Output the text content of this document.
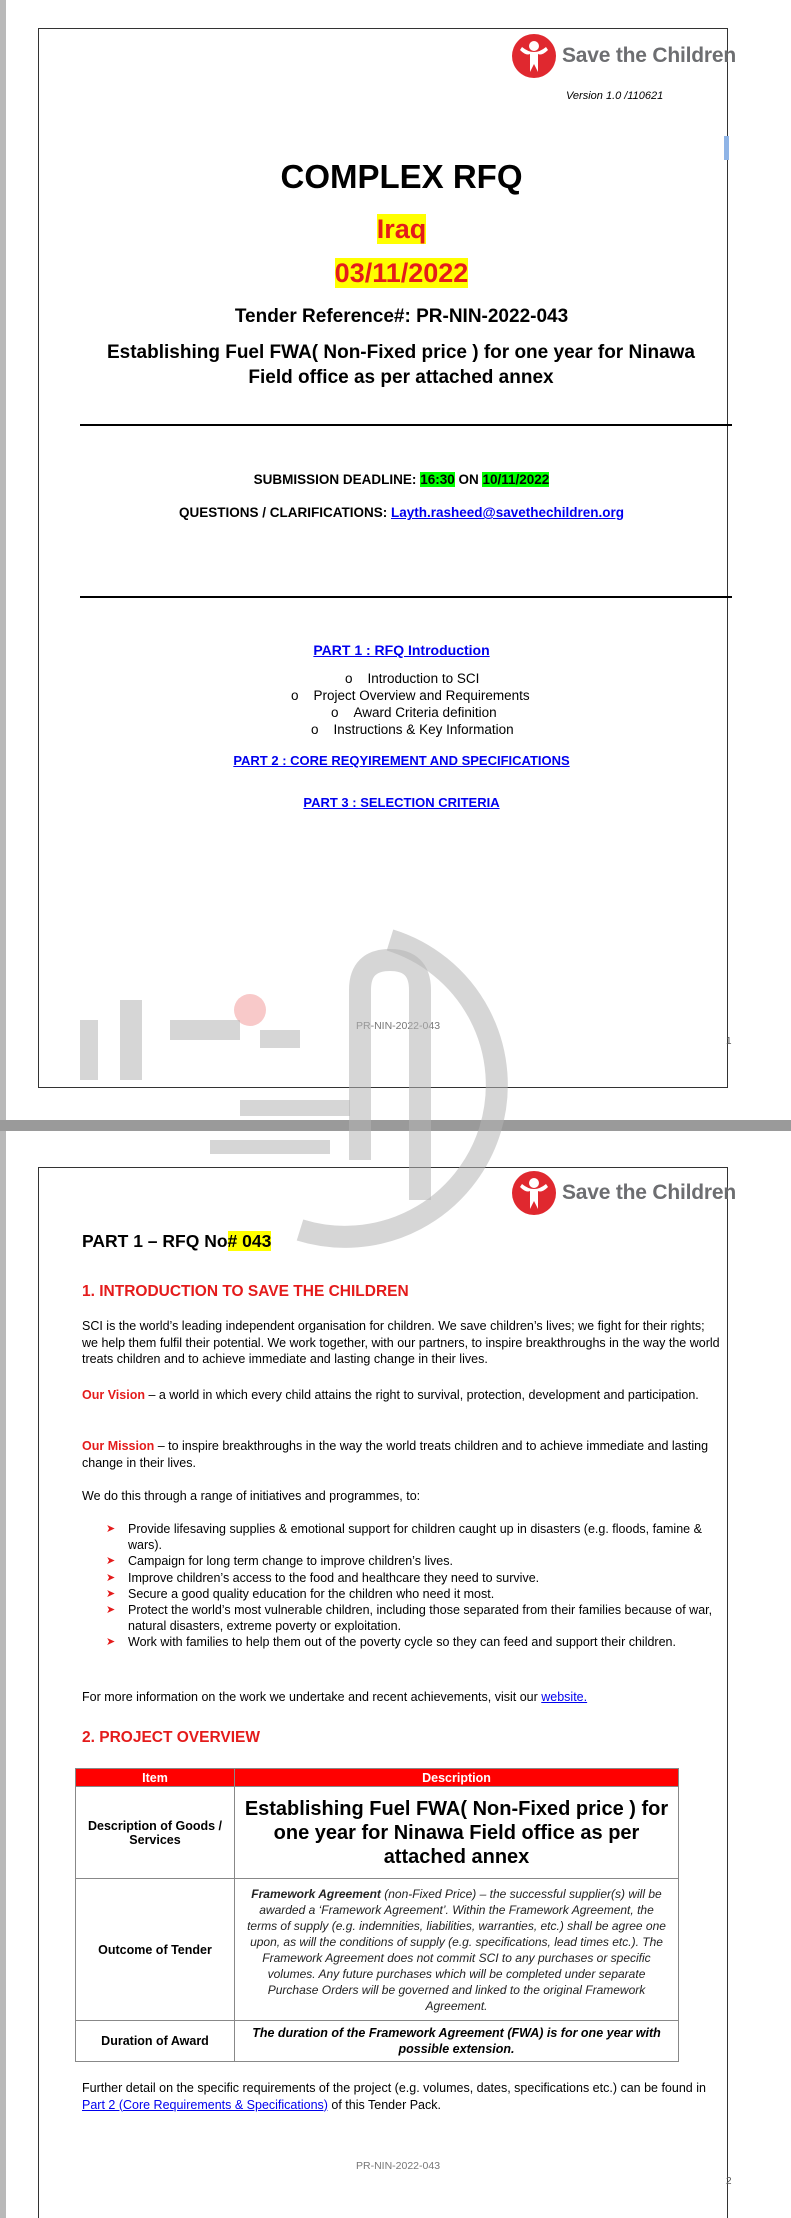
Save the Children
Version 1.0 /110621
COMPLEX RFQ
Iraq
03/11/2022
Tender Reference#: PR-NIN-2022-043
Establishing Fuel FWA( Non-Fixed price ) for one year for Ninawa Field office as per attached annex
SUBMISSION DEADLINE: 16:30 ON 10/11/2022
QUESTIONS / CLARIFICATIONS: Layth.rasheed@savethechildren.org
PART 1 : RFQ Introduction
o Introduction to SCI
o Project Overview and Requirements
o Award Criteria definition
o Instructions & Key Information
PART 2 : CORE REQYIREMENT AND SPECIFICATIONS
PART 3 : SELECTION CRITERIA
PR-NIN-2022-043
1
Save the Children
PART 1 – RFQ No# 043
1. INTRODUCTION TO SAVE THE CHILDREN
SCI is the world’s leading independent organisation for children. We save children’s lives; we fight for their rights; we help them fulfil their potential. We work together, with our partners, to inspire breakthroughs in the way the world treats children and to achieve immediate and lasting change in their lives.
Our Vision – a world in which every child attains the right to survival, protection, development and participation.
Our Mission – to inspire breakthroughs in the way the world treats children and to achieve immediate and lasting change in their lives.
We do this through a range of initiatives and programmes, to:
➤ Provide lifesaving supplies & emotional support for children caught up in disasters (e.g. floods, famine & wars).
➤ Campaign for long term change to improve children’s lives.
➤ Improve children’s access to the food and healthcare they need to survive.
➤ Secure a good quality education for the children who need it most.
➤ Protect the world’s most vulnerable children, including those separated from their families because of war, natural disasters, extreme poverty or exploitation.
➤ Work with families to help them out of the poverty cycle so they can feed and support their children.
For more information on the work we undertake and recent achievements, visit our website.
2. PROJECT OVERVIEW
Item	Description
Description of Goods / Services	Establishing Fuel FWA( Non-Fixed price ) for one year for Ninawa Field office as per attached annex
Outcome of Tender	Framework Agreement (non-Fixed Price) – the successful supplier(s) will be awarded a ‘Framework Agreement’. Within the Framework Agreement, the terms of supply (e.g. indemnities, liabilities, warranties, etc.) shall be agree one upon, as will the conditions of supply (e.g. specifications, lead times etc.). The Framework Agreement does not commit SCI to any purchases or specific volumes. Any future purchases which will be completed under separate Purchase Orders will be governed and linked to the original Framework Agreement.
Duration of Award	The duration of the Framework Agreement (FWA) is for one year with possible extension.
Further detail on the specific requirements of the project (e.g. volumes, dates, specifications etc.) can be found in Part 2 (Core Requirements & Specifications) of this Tender Pack.
PR-NIN-2022-043
2
